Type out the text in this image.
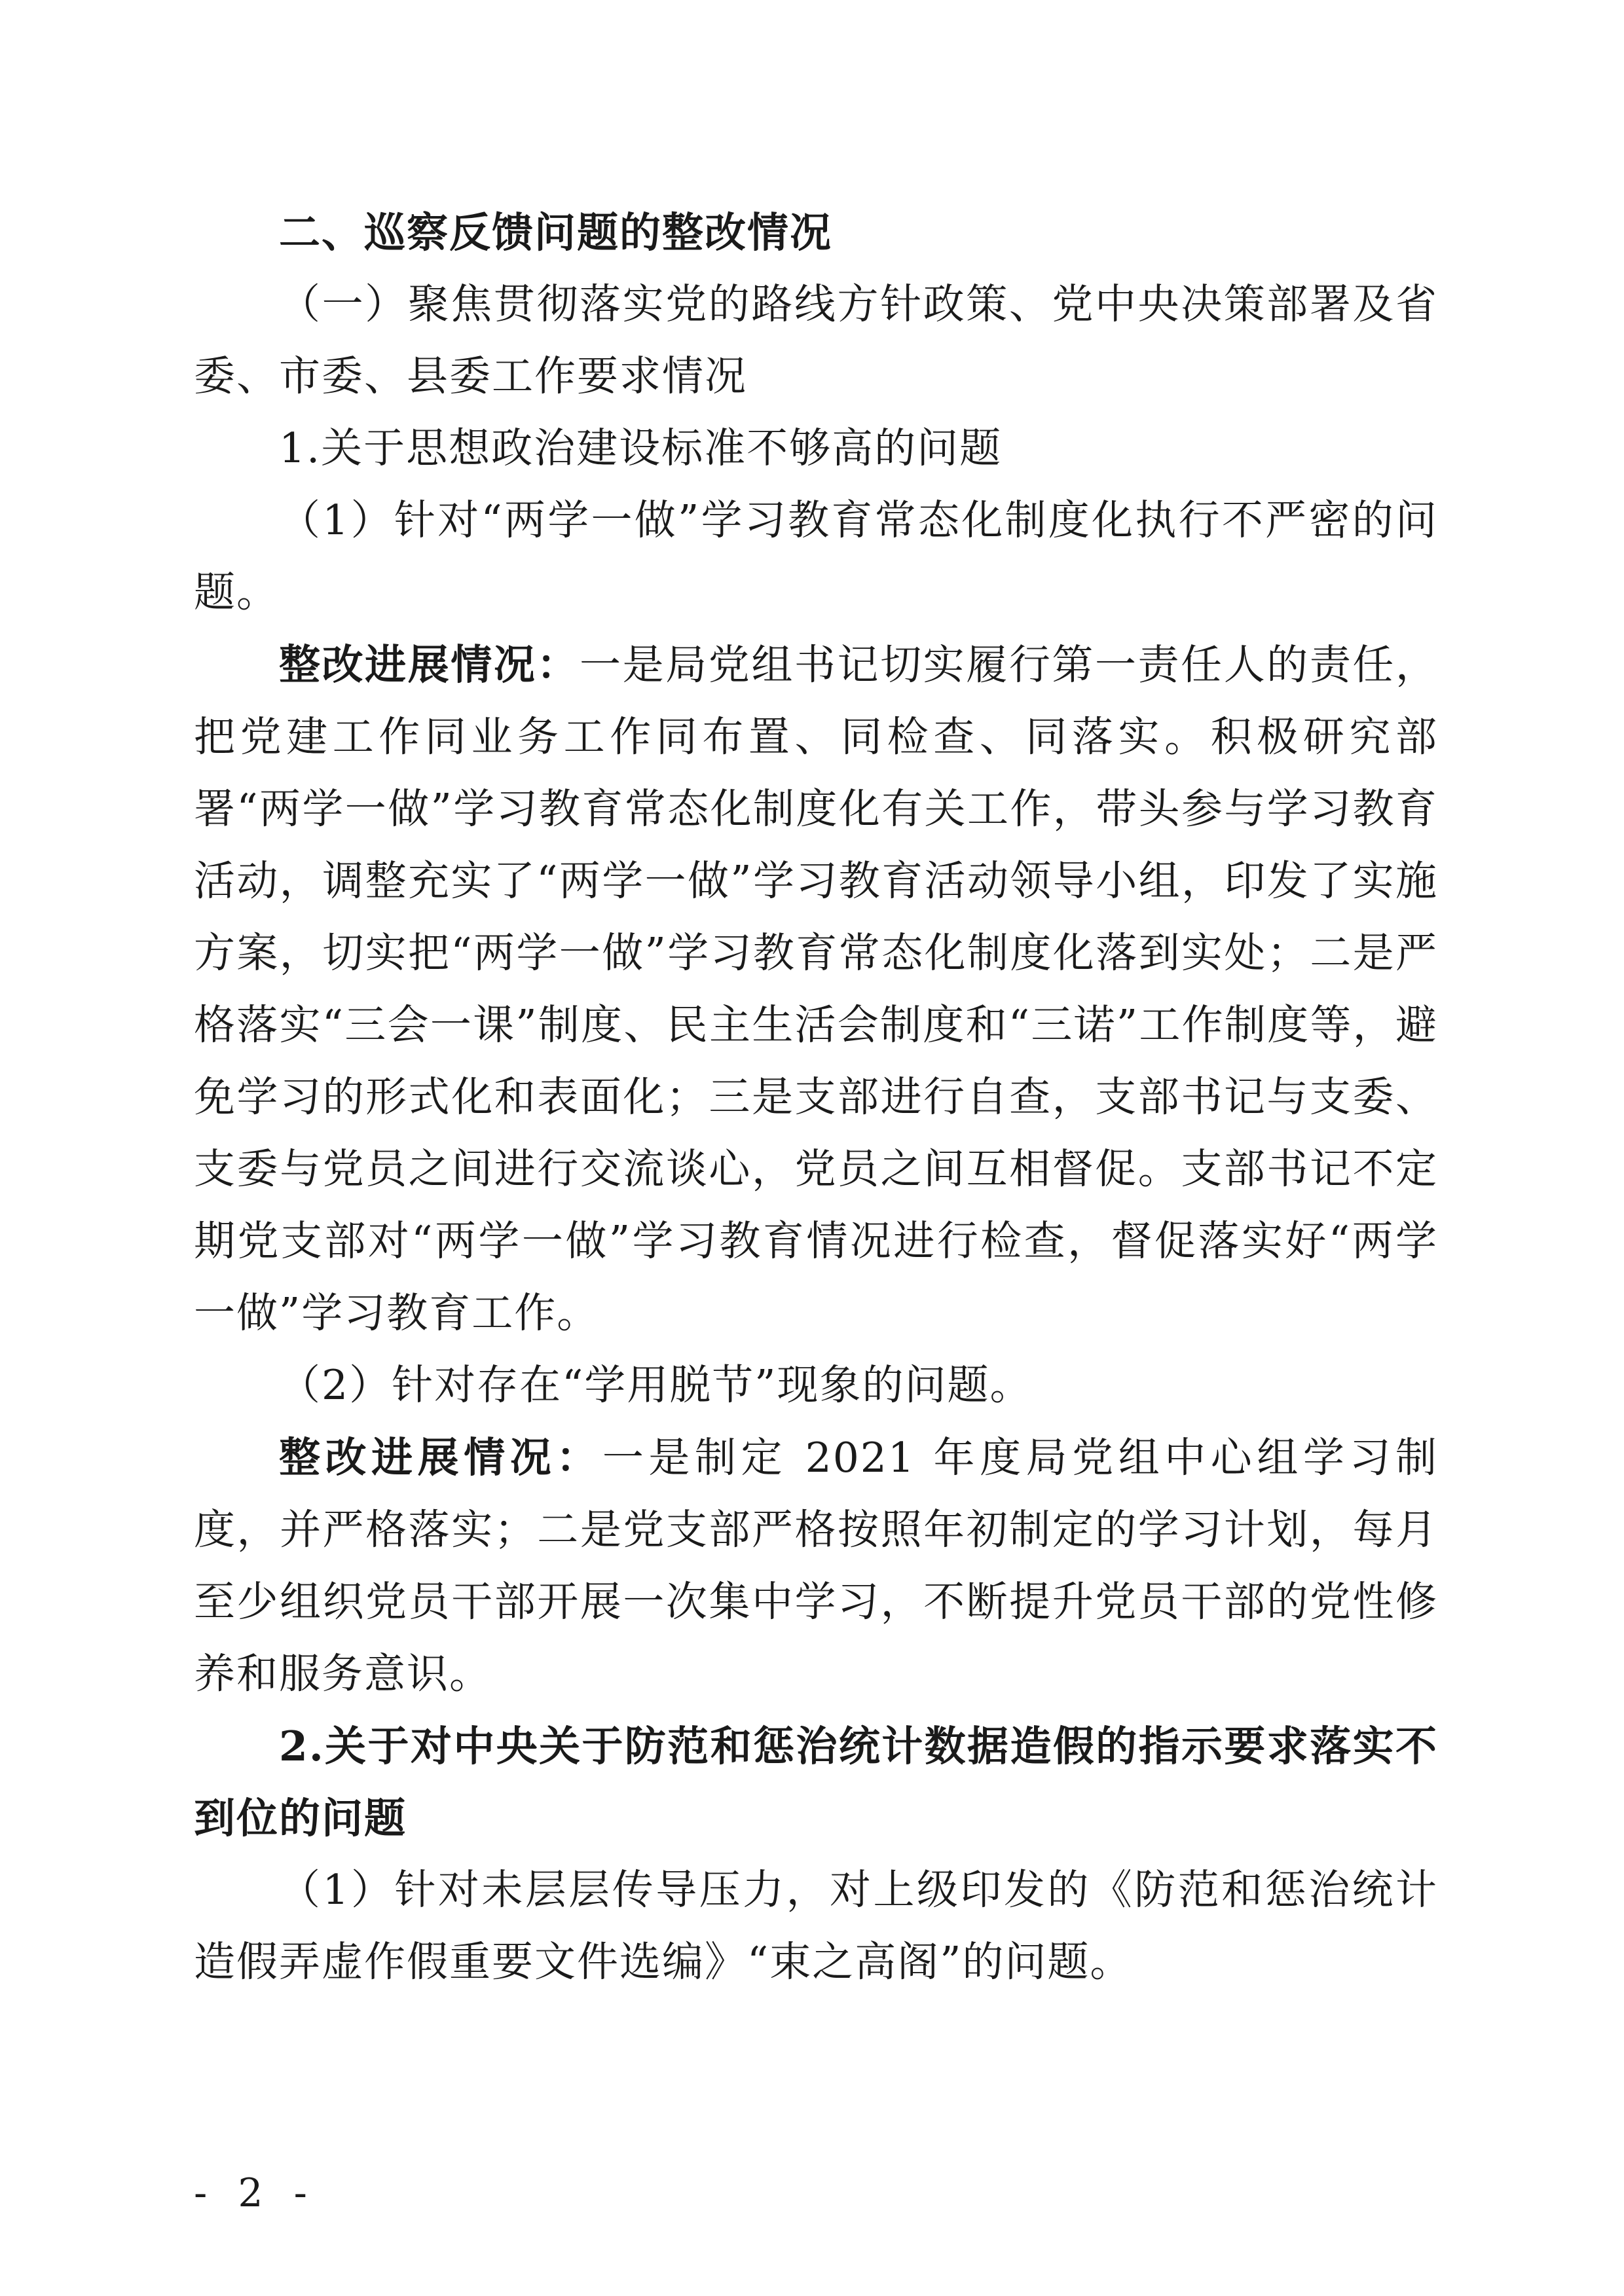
二、巡察反馈问题的整改情况

（一）聚焦贯彻落实党的路线方针政策、党中央决策部署及省委、市委、县委工作要求情况

1.关于思想政治建设标准不够高的问题

（1）针对“两学一做”学习教育常态化制度化执行不严密的问题。

整改进展情况：一是局党组书记切实履行第一责任人的责任，把党建工作同业务工作同布置、同检查、同落实。积极研究部署“两学一做”学习教育常态化制度化有关工作，带头参与学习教育活动，调整充实了“两学一做”学习教育活动领导小组，印发了实施方案，切实把“两学一做”学习教育常态化制度化落到实处；二是严格落实“三会一课”制度、民主生活会制度和“三诺”工作制度等，避免学习的形式化和表面化；三是支部进行自查，支部书记与支委、支委与党员之间进行交流谈心，党员之间互相督促。支部书记不定期党支部对“两学一做”学习教育情况进行检查，督促落实好“两学一做”学习教育工作。

（2）针对存在“学用脱节”现象的问题。

整改进展情况：一是制定 2021 年度局党组中心组学习制度，并严格落实；二是党支部严格按照年初制定的学习计划，每月至少组织党员干部开展一次集中学习，不断提升党员干部的党性修养和服务意识。

2.关于对中央关于防范和惩治统计数据造假的指示要求落实不到位的问题

（1）针对未层层传导压力，对上级印发的《防范和惩治统计造假弄虚作假重要文件选编》“束之高阁”的问题。

- 2 -
